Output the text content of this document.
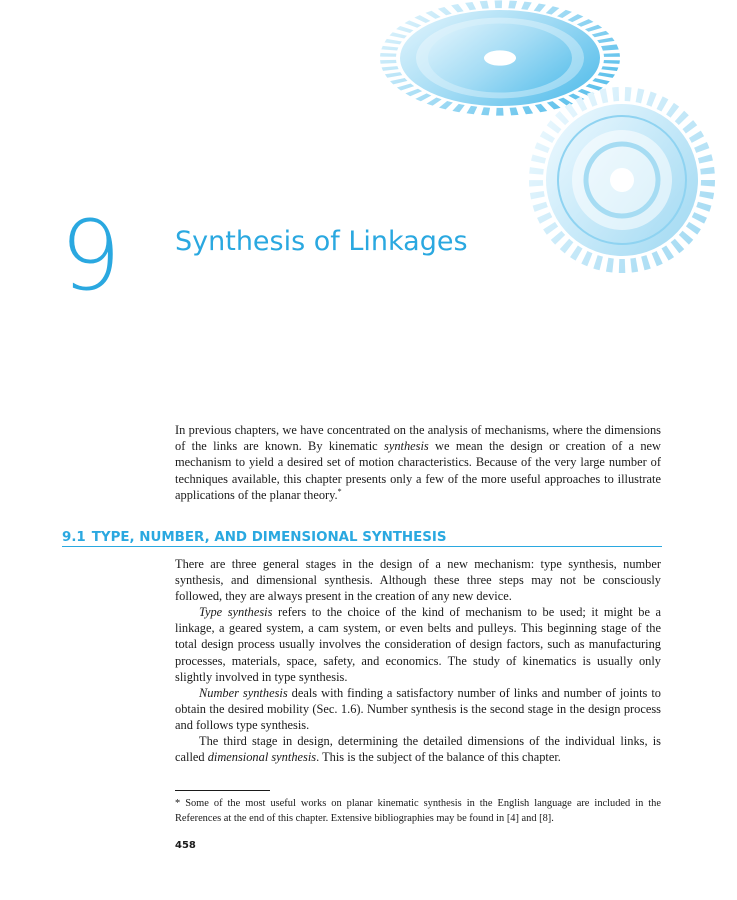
9 Synthesis of Linkages

In previous chapters, we have concentrated on the analysis of mechanisms, where the dimensions of the links are known. By kinematic synthesis we mean the design or creation of a new mechanism to yield a desired set of motion characteristics. Because of the very large number of techniques available, this chapter presents only a few of the more useful approaches to illustrate applications of the planar theory.*

9.1 TYPE, NUMBER, AND DIMENSIONAL SYNTHESIS

There are three general stages in the design of a new mechanism: type synthesis, number synthesis, and dimensional synthesis. Although these three steps may not be consciously followed, they are always present in the creation of any new device.

Type synthesis refers to the choice of the kind of mechanism to be used; it might be a linkage, a geared system, a cam system, or even belts and pulleys. This beginning stage of the total design process usually involves the consideration of design factors, such as manufacturing processes, materials, space, safety, and economics. The study of kinematics is usually only slightly involved in type synthesis.

Number synthesis deals with finding a satisfactory number of links and number of joints to obtain the desired mobility (Sec. 1.6). Number synthesis is the second stage in the design process and follows type synthesis.

The third stage in design, determining the detailed dimensions of the individual links, is called dimensional synthesis. This is the subject of the balance of this chapter.

* Some of the most useful works on planar kinematic synthesis in the English language are included in the References at the end of this chapter. Extensive bibliographies may be found in [4] and [8].

458
